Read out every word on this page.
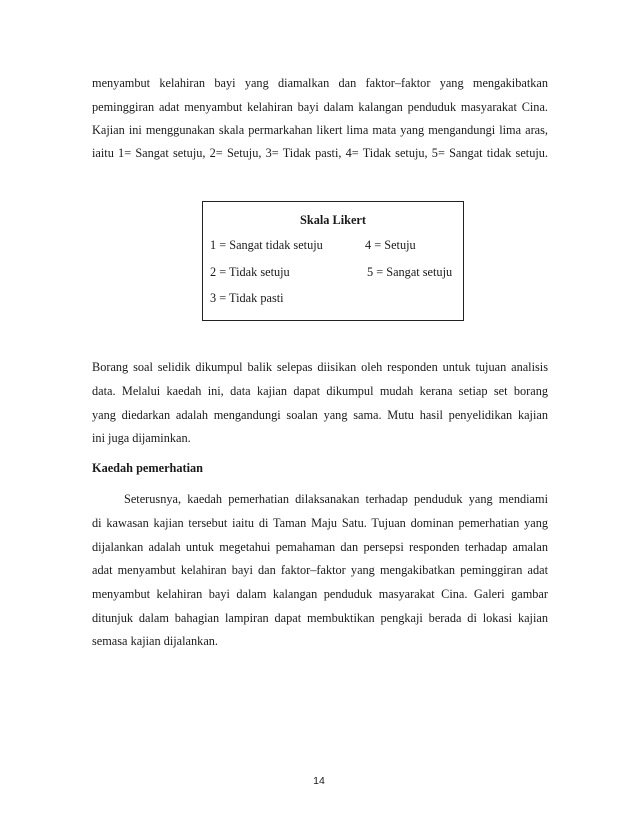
menyambut kelahiran bayi yang diamalkan dan faktor–faktor yang mengakibatkan
peminggiran adat menyambut kelahiran bayi dalam kalangan penduduk masyarakat Cina.
Kajian ini menggunakan skala permarkahan likert lima mata yang mengandungi lima aras,
iaitu 1= Sangat setuju, 2= Setuju, 3= Tidak pasti, 4= Tidak setuju, 5= Sangat tidak setuju.
Skala Likert
1 = Sangat tidak setuju	4 = Setuju
2 = Tidak setuju	5 = Sangat setuju
3 = Tidak pasti
Borang soal selidik dikumpul balik selepas diisikan oleh responden untuk tujuan analisis
data. Melalui kaedah ini, data kajian dapat dikumpul mudah kerana setiap set borang
yang diedarkan adalah mengandungi soalan yang sama. Mutu hasil penyelidikan kajian
ini juga dijaminkan.
Kaedah pemerhatian
Seterusnya, kaedah pemerhatian dilaksanakan terhadap penduduk yang mendiami
di kawasan kajian tersebut iaitu di Taman Maju Satu. Tujuan dominan pemerhatian yang
dijalankan adalah untuk megetahui pemahaman dan persepsi responden terhadap amalan
adat menyambut kelahiran bayi dan faktor–faktor yang mengakibatkan peminggiran adat
menyambut kelahiran bayi dalam kalangan penduduk masyarakat Cina. Galeri gambar
ditunjuk dalam bahagian lampiran dapat membuktikan pengkaji berada di lokasi kajian
semasa kajian dijalankan.
14
